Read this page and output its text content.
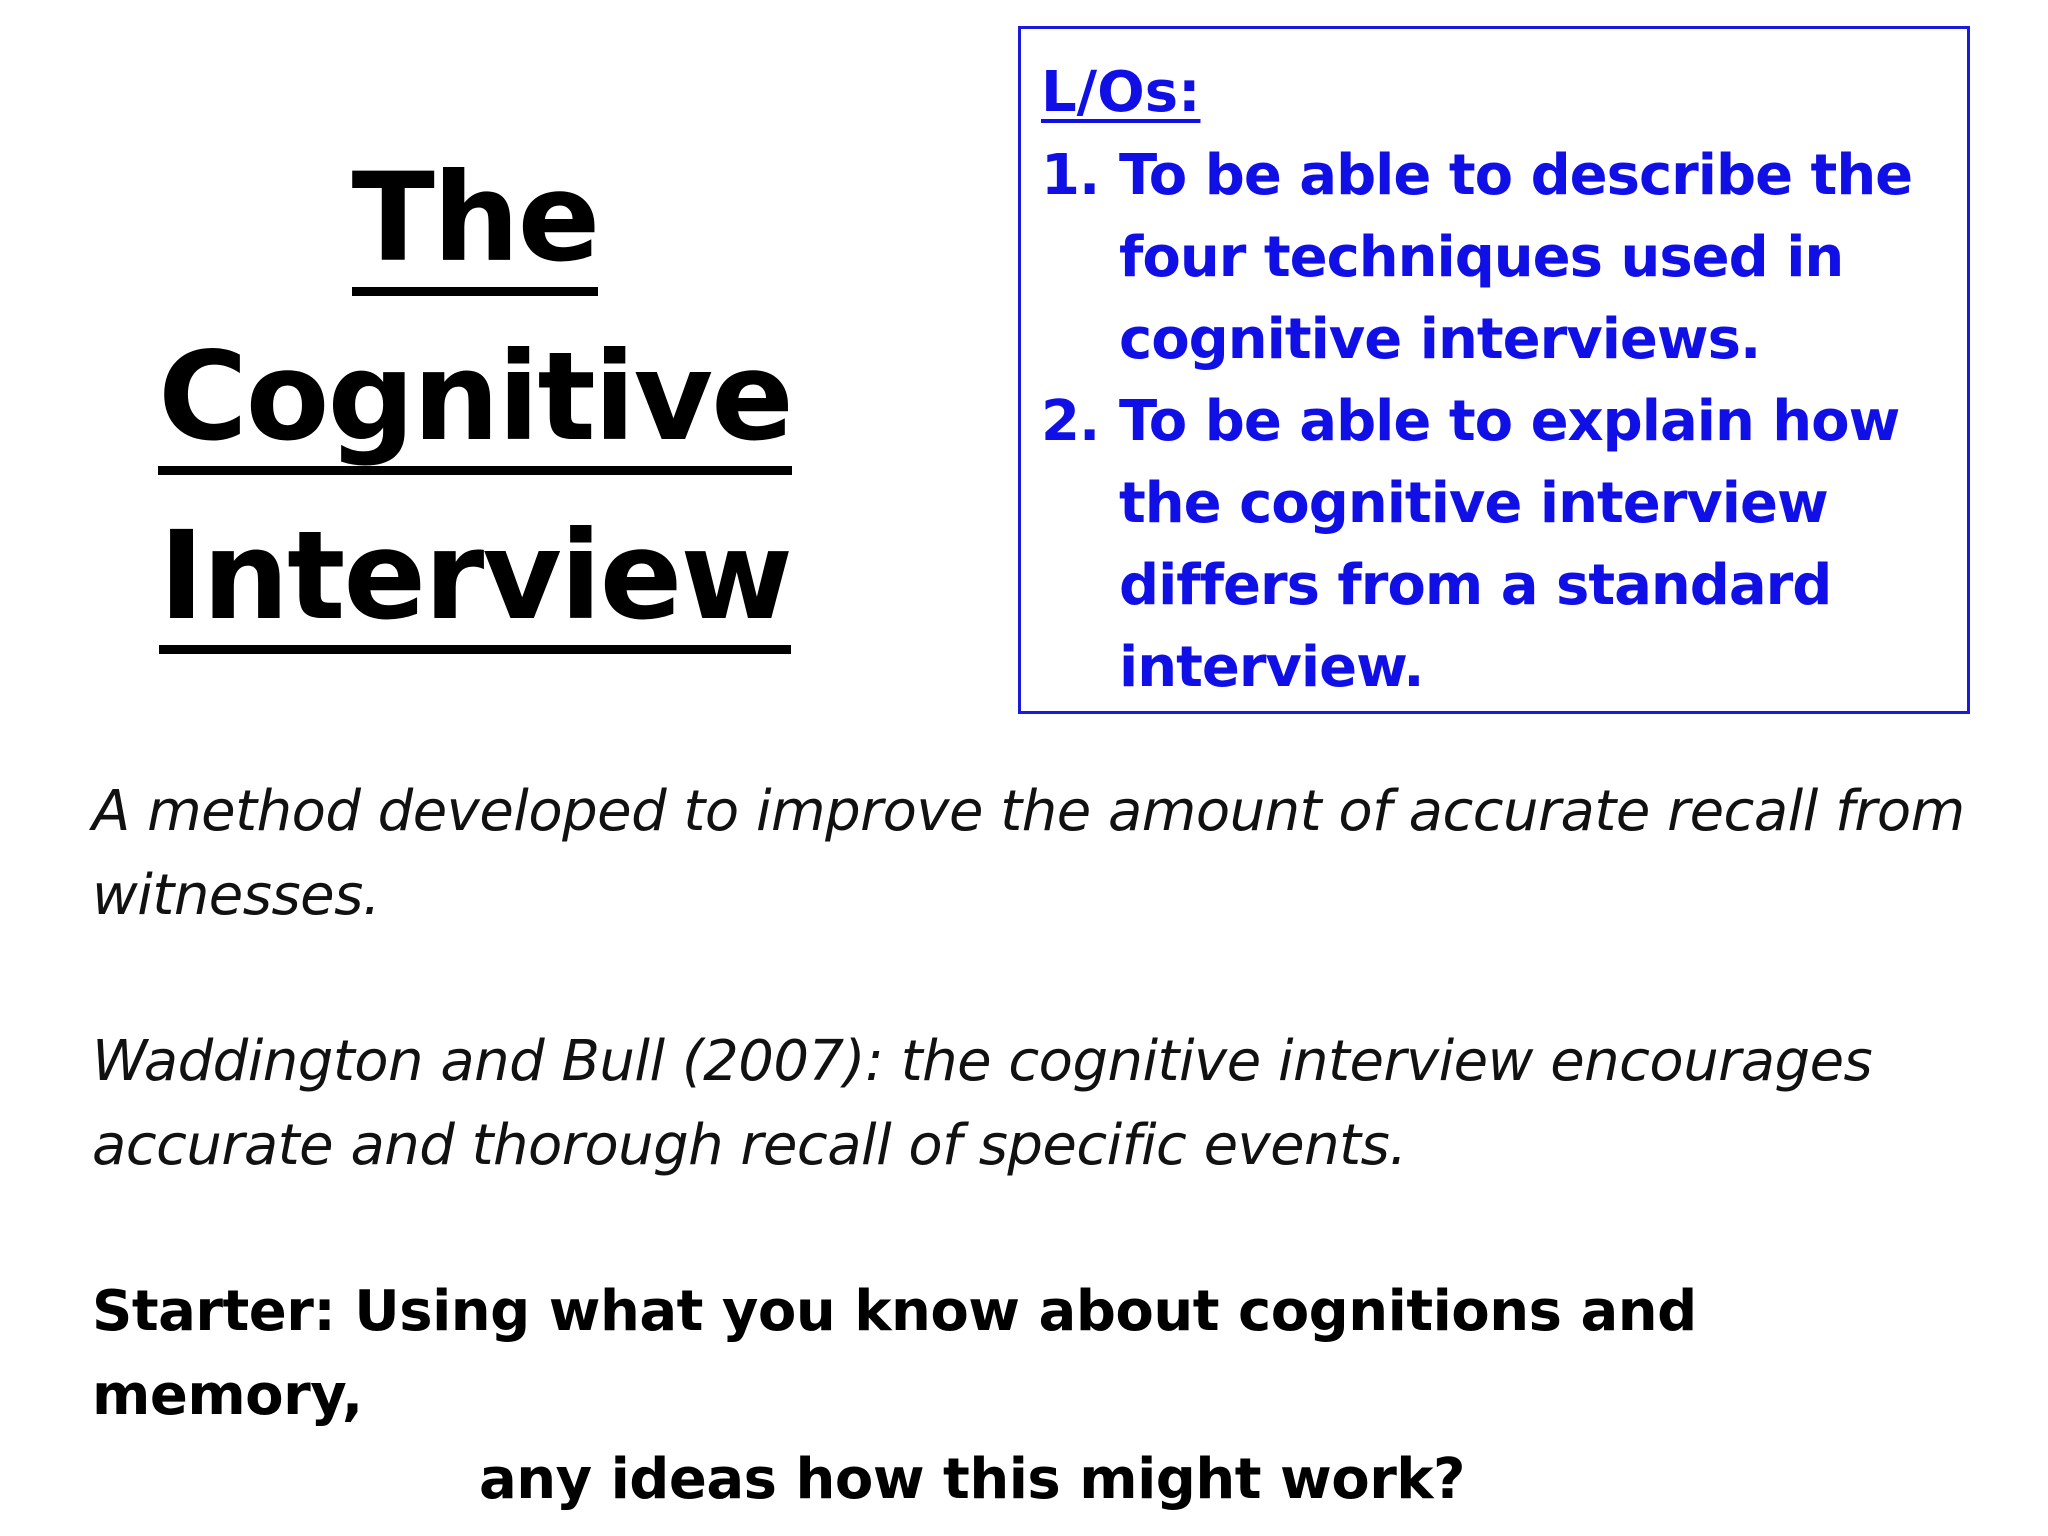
The
Cognitive
Interview
L/Os:
1. To be able to describe the four techniques used in cognitive interviews.
2. To be able to explain how the cognitive interview differs from a standard interview.

A method developed to improve the amount of accurate recall from witnesses.

Waddington and Bull (2007): the cognitive interview encourages accurate and thorough recall of specific events.

Starter: Using what you know about cognitions and memory,
any ideas how this might work?
